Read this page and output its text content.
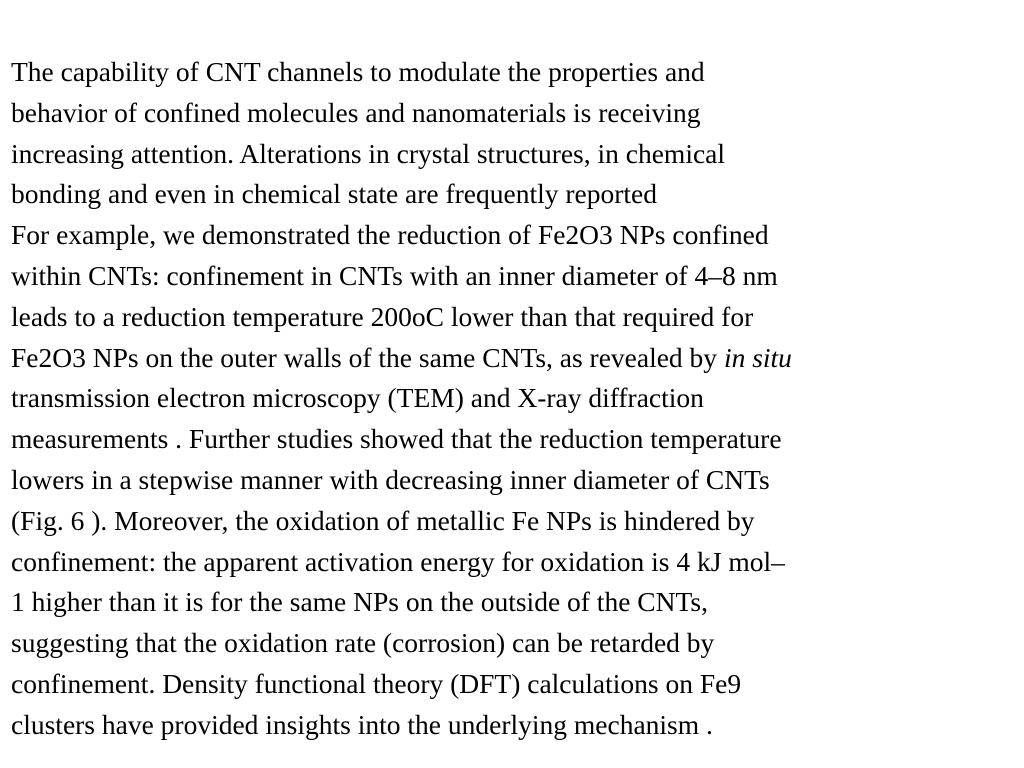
The capability of CNT channels to modulate the properties and
behavior of confined molecules and nanomaterials is receiving
increasing attention. Alterations in crystal structures, in chemical
bonding and even in chemical state are frequently reported
For example, we demonstrated the reduction of Fe2O3 NPs confined
within CNTs: confinement in CNTs with an inner diameter of 4–8 nm
leads to a reduction temperature 200oC lower than that required for
Fe2O3 NPs on the outer walls of the same CNTs, as revealed by in situ
transmission electron microscopy (TEM) and X-ray diffraction
measurements . Further studies showed that the reduction temperature
lowers in a stepwise manner with decreasing inner diameter of CNTs
(Fig. 6 ). Moreover, the oxidation of metallic Fe NPs is hindered by
confinement: the apparent activation energy for oxidation is 4 kJ mol–
1 higher than it is for the same NPs on the outside of the CNTs,
suggesting that the oxidation rate (corrosion) can be retarded by
confinement. Density functional theory (DFT) calculations on Fe9
clusters have provided insights into the underlying mechanism .
